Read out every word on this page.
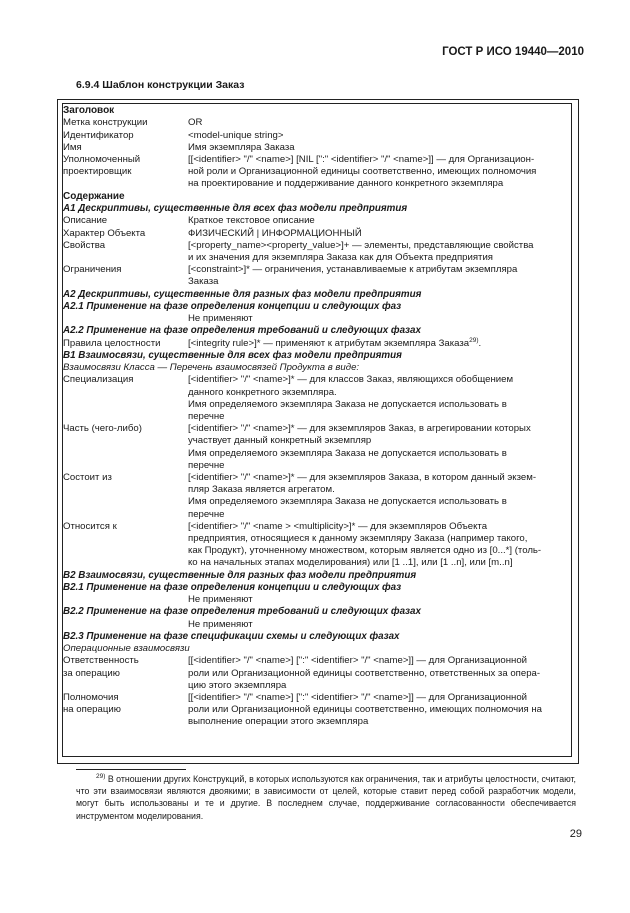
ГОСТ Р ИСО 19440—2010
6.9.4 Шаблон конструкции Заказ
Заголовок
Метка конструкции	OR
Идентификатор	<model-unique string>
Имя	Имя экземпляра Заказа
Уполномоченный	[[<identifier> "/" <name>] [NIL [":" <identifier> "/" <name>]] — для Организацион-
проектировщик	ной роли и Организационной единицы соответственно, имеющих полномочия
на проектирование и поддерживание данного конкретного экземпляра
Содержание
А1 Дескриптивы, существенные для всех фаз модели предприятия
Описание	Краткое текстовое описание
Характер Объекта	ФИЗИЧЕСКИЙ | ИНФОРМАЦИОННЫЙ
Свойства	[<property_name><property_value>]+ — элементы, представляющие свойства
и их значения для экземпляра Заказа как для Объекта предприятия
Ограничения	[<constraint>]* — ограничения, устанавливаемые к атрибутам экземпляра
Заказа
А2 Дескриптивы, существенные для разных фаз модели предприятия
А2.1 Применение на фазе определения концепции и следующих фаз
Не применяют
А2.2 Применение на фазе определения требований и следующих фазах
Правила целостности	[<integrity rule>]* — применяют к атрибутам экземпляра Заказа$^{29)}$.
В1 Взаимосвязи, существенные для всех фаз модели предприятия
Взаимосвязи Класса — Перечень взаимосвязей Продукта в виде:
Специализация	[<identifier> "/" <name>]* — для классов Заказ, являющихся обобщением
данного конкретного экземпляра.
Имя определяемого экземпляра Заказа не допускается использовать в
перечне
Часть (чего-либо)	[<identifier> "/" <name>]* — для экземпляров Заказ, в агрегировании которых
участвует данный конкретный экземпляр
Имя определяемого экземпляра Заказа не допускается использовать в
перечне
Состоит из	[<identifier> "/" <name>]* — для экземпляров Заказа, в котором данный экзем-
пляр Заказа является агрегатом.
Имя определяемого экземпляра Заказа не допускается использовать в
перечне
Относится к	[<identifier> "/" <name > <multiplicity>]* — для экземпляров Объекта
предприятия, относящиеся к данному экземпляру Заказа (например такого,
как Продукт), уточненному множеством, которым является одно из [0...*] (толь-
ко на начальных этапах моделирования) или [1 ..1], или [1 ..n], или [m..n]
В2 Взаимосвязи, существенные для разных фаз модели предприятия
В2.1 Применение на фазе определения концепции и следующих фаз
Не применяют
В2.2 Применение на фазе определения требований и следующих фазах
Не применяют
В2.3 Применение на фазе спецификации схемы и следующих фазах
Операционные взаимосвязи
Ответственность	[[<identifier> "/" <name>] [":" <identifier> "/" <name>]] — для Организационной
за операцию	роли или Организационной единицы соответственно, ответственных за опера-
цию этого экземпляра
Полномочия	[[<identifier> "/" <name>] [":" <identifier> "/" <name>]] — для Организационной
на операцию	роли или Организационной единицы соответственно, имеющих полномочия на
выполнение операции этого экземпляра
$^{29)}$ В отношении других Конструкций, в которых используются как ограничения, так и атрибуты целостности, считают, что эти взаимосвязи являются двоякими; в зависимости от целей, которые ставит перед собой разработчик модели, могут быть использованы и те и другие. В последнем случае, поддерживание согласованности обеспечивается инструментом моделирования.
29
